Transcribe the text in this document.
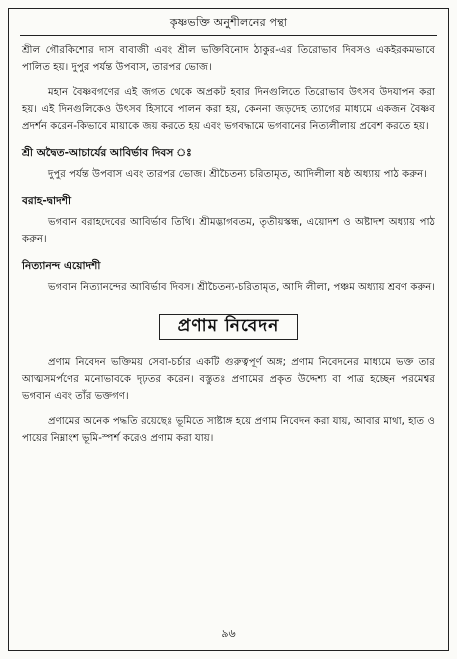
কৃষ্ণভক্তি অনুশীলনের পন্থা

শ্রীল গৌরকিশোর দাস বাবাজী এবং শ্রীল ভক্তিবিনোদ ঠাকুর-এর তিরোভাব দিবসও একইরকমভাবে পালিত হয়। দুপুর পর্যন্ত উপবাস, তারপর ভোজ।

মহান বৈষ্ণবগণের এই জগত থেকে অপ্রকট হবার দিনগুলিতে তিরোভাব উৎসব উদযাপন করা হয়। এই দিনগুলিকেও উৎসব হিসাবে পালন করা হয়, কেননা জড়দেহ ত্যাগের মাধ্যমে একজন বৈষ্ণব প্রদর্শন করেন-কিভাবে মায়াকে জয় করতে হয় এবং ভগবদ্ধামে ভগবানের নিত্যলীলায় প্রবেশ করতে হয়।

শ্রী অদ্বৈত-আচার্যের আবির্ভাব দিবস ঃ

দুপুর পর্যন্ত উপবাস এবং তারপর ভোজ। শ্রীচৈতন্য চরিতামৃত, আদিলীলা ষষ্ঠ অধ্যায় পাঠ করুন।

বরাহ-দ্বাদশী

ভগবান বরাহদেবের আবির্ভাব তিথি। শ্রীমদ্ভাগবতম, তৃতীয়স্কন্ধ, এয়োদশ ও অষ্টাদশ অধ্যায় পাঠ করুন।

নিত্যানন্দ এয়োদশী

ভগবান নিত্যানন্দের আবির্ভাব দিবস। শ্রীচৈতন্য-চরিতামৃত, আদি লীলা, পঞ্চম অধ্যায় শ্রবণ করুন।

প্রণাম নিবেদন

প্রণাম নিবেদন ভক্তিময় সেবা-চর্চার একটি গুরুত্বপূর্ণ অঙ্গ; প্রণাম নিবেদনের মাধ্যমে ভক্ত তার আত্মসমর্পণের মনোভাবকে দৃঢ়তর করেন। বস্তুতঃ প্রণামের প্রকৃত উদ্দেশ্য বা পাত্র হচ্ছেন পরমেশ্বর ভগবান এবং তাঁর ভক্তগণ।

প্রণামের অনেক পদ্ধতি রয়েছেঃ ভূমিতে সাষ্টাঙ্গ হয়ে প্রণাম নিবেদন করা যায়, আবার মাথা, হাত ও পায়ের নিম্নাংশ ভূমি-স্পর্শ করেও প্রণাম করা যায়।

৯৬
